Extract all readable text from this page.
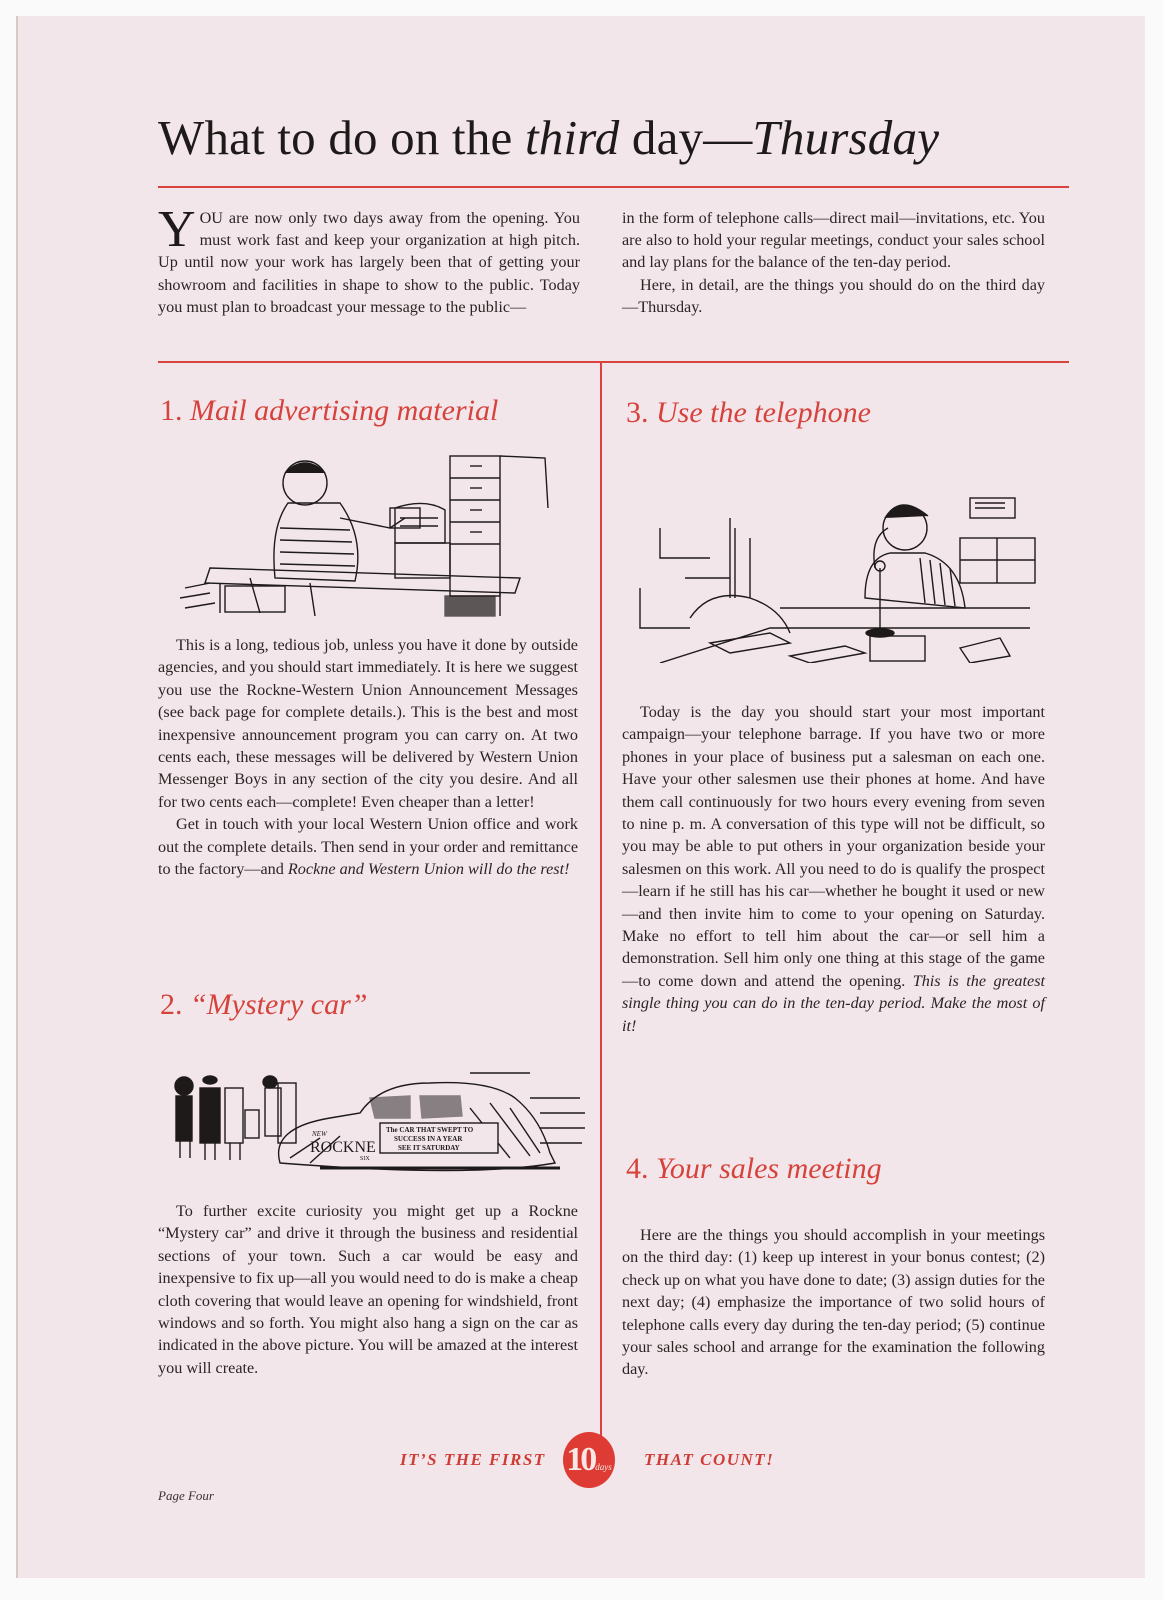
What to do on the third day—Thursday

YOU are now only two days away from the opening. You must work fast and keep your organization at high pitch. Up until now your work has largely been that of getting your showroom and facilities in shape to show to the public. Today you must plan to broadcast your message to the public—

in the form of telephone calls—direct mail—invitations, etc. You are also to hold your regular meetings, conduct your sales school and lay plans for the balance of the ten-day period.

Here, in detail, are the things you should do on the third day—Thursday.

1. Mail advertising material

This is a long, tedious job, unless you have it done by outside agencies, and you should start immediately. It is here we suggest you use the Rockne-Western Union Announcement Messages (see back page for complete details.). This is the best and most inexpensive announcement program you can carry on. At two cents each, these messages will be delivered by Western Union Messenger Boys in any section of the city you desire. And all for two cents each—complete! Even cheaper than a letter!

Get in touch with your local Western Union office and work out the complete details. Then send in your order and remittance to the factory—and Rockne and Western Union will do the rest!

2. “Mystery car”
NEW
ROCKNE
SIX
The CAR THAT SWEPT TO
SUCCESS IN A YEAR
SEE IT SATURDAY

To further excite curiosity you might get up a Rockne “Mystery car” and drive it through the business and residential sections of your town. Such a car would be easy and inexpensive to fix up—all you would need to do is make a cheap cloth covering that would leave an opening for windshield, front windows and so forth. You might also hang a sign on the car as indicated in the above picture. You will be amazed at the interest you will create.

3. Use the telephone

Today is the day you should start your most important campaign—your telephone barrage. If you have two or more phones in your place of business put a salesman on each one. Have your other salesmen use their phones at home. And have them call continuously for two hours every evening from seven to nine p. m. A conversation of this type will not be difficult, so you may be able to put others in your organization beside your salesmen on this work. All you need to do is qualify the prospect—learn if he still has his car—whether he bought it used or new—and then invite him to come to your opening on Saturday. Make no effort to tell him about the car—or sell him a demonstration. Sell him only one thing at this stage of the game—to come down and attend the opening. This is the greatest single thing you can do in the ten-day period. Make the most of it!

4. Your sales meeting

Here are the things you should accomplish in your meetings on the third day: (1) keep up interest in your bonus contest; (2) check up on what you have done to date; (3) assign duties for the next day; (4) emphasize the importance of two solid hours of telephone calls every day during the ten-day period; (5) continue your sales school and arrange for the examination the following day.

IT’S THE FIRST 10 days THAT COUNT!
Page Four
